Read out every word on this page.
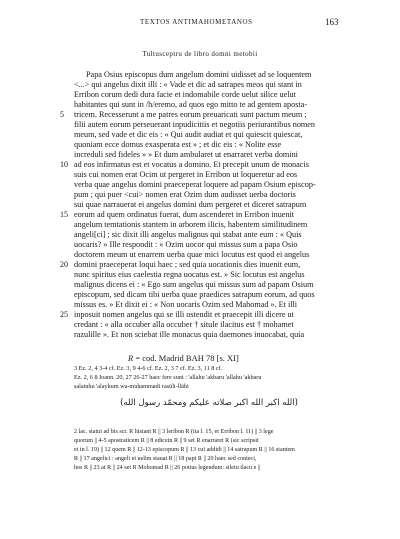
TEXTOS ANTIMAHOMETANOS	163
Tultusceptru de libro domni metobii
Papa Osius episcopus dum angelum domini uidisset ad se loquentem
<...> qui angelus dixit illi : « Vade et dic ad satrapes meos qui stant in
Erribon corum dedi dura facie et indomabile corde uelut silice uelut
habitantes qui sunt in /h/eremo, ad quos ego mitto te ad gentem aposta-
tricem. Recesserunt a me patres eorum preuaricati sunt pactum meum ;
filii autem eorum perseuerant inpudicitiis et negotiis periurantibus nomen
meum, sed vade et dic eis : « Qui audit audiat et qui quiescit quiescat,
quoniam ecce domus exasperata est » ; et dic eis : « Nolite esse
increduli sed fideles » » Et dum ambularet ut enarraret verba domini
ad eos infirmatus est et vocatus a domino. Et precepit unum de monacis
suis cui nomen erat Ocim ut pergeret in Erribon ut loqueretur ad eos
verba quae angelus domini praeceperat loquere ad papam Osium episcop-
pum ; qui puer <cui> nomen erat Ozim dum audisset uerba doctoris
sui quae narrauerat ei angelus domini dum pergeret et diceret satrapum
eorum ad quem ordinatus fuerat, dum ascenderet in Erribon inuenit
angelum temtationis stantem in arborem ilicis, habentem similitudinem
angeli[ci] ; sic dixit illi angelus malignus qui stabat ante eum : « Quis
uocaris? » Ille respondit : « Ozim uocor qui missus sum a papa Osio
doctorem meum ut enarrem uerba quae mici locutus est quod ei angelus
domini praeceperat loqui haec ; sed quia uocationis dies inuenit eum,
nunc spiritus eius caelestia regna uocatus est. » Sic locutus est angelus
malignus dicens ei : « Ego sum angelus qui missus sum ad papam Osium
episcopum, sed dicam tibi uerba quae praedices satrapum eorum, ad quos
missus es. » Et dixit ei : « Non uocaris Ozim sed Mahomad ». Et illi
inposuit nomen angelus qui se illi ostendit et praecepit illi dicere ut
credant : « alla occuber alla occuber † situle ilacitus est † mohamet
razulille ». Et non sciebat ille monacus quia daemones inuocabat, quia
5
10
15
20
25
R = cod. Madrid BAH 78 [s. XI]
3 Ez. 2, 4 3-4 cf. Ez. 3, 9 4-6 cf. Ez. 2, 3 7 cf. Ez. 3, 11 8 cf.
Ez. 2, 6 8 Ioann. 20, 27 26-27 haec fere sunt : 'allahu 'akbaru 'allahu 'akbaru
ṣalatuhu 'alaykum wa-muḥammadi rasūli-llāhi
(الله اكبر الله اكبر صلاته عليكم ومحمّد رسول الله)
2 lac. statui ad bis scr. R histant R || 3 leribon R (ita l. 15, et Erribon l. 11) || 3 lege
quorum || 4-5 apostraticem R || 8 edicein R || 9 set R enarraret R (sic scripsit
et in l. 19) || 12 quem R || 12-13 episcopum R || 13 cui addidi || 14 satrapum R || 16 stantem
R || 17 angelici : angeli et uelim stauat R || 18 papt R || 20 haec sed conieci,
hos R || 23 at R || 24 set R Mohomad R || 26 potius legendum: siletu ilacu e ||
